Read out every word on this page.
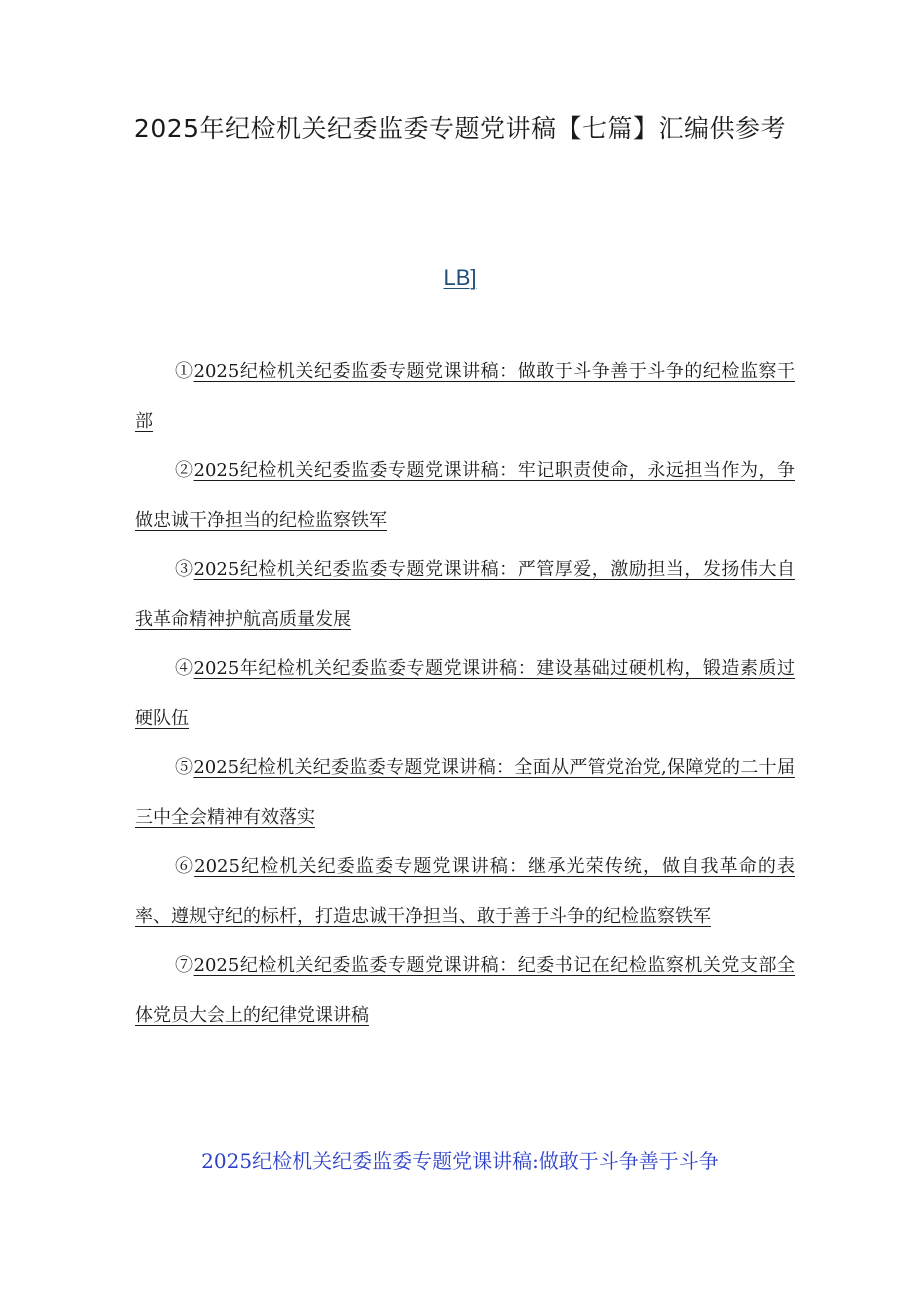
2025年纪检机关纪委监委专题党讲稿【七篇】汇编供参考
LB]
①2025纪检机关纪委监委专题党课讲稿：做敢于斗争善于斗争的纪检监察干部
②2025纪检机关纪委监委专题党课讲稿：牢记职责使命，永远担当作为，争做忠诚干净担当的纪检监察铁军
③2025纪检机关纪委监委专题党课讲稿：严管厚爱，激励担当，发扬伟大自我革命精神护航高质量发展
④2025年纪检机关纪委监委专题党课讲稿：建设基础过硬机构，锻造素质过硬队伍
⑤2025纪检机关纪委监委专题党课讲稿：全面从严管党治党,保障党的二十届三中全会精神有效落实
⑥2025纪检机关纪委监委专题党课讲稿：继承光荣传统，做自我革命的表率、遵规守纪的标杆，打造忠诚干净担当、敢于善于斗争的纪检监察铁军
⑦2025纪检机关纪委监委专题党课讲稿：纪委书记在纪检监察机关党支部全体党员大会上的纪律党课讲稿
2025纪检机关纪委监委专题党课讲稿:做敢于斗争善于斗争
